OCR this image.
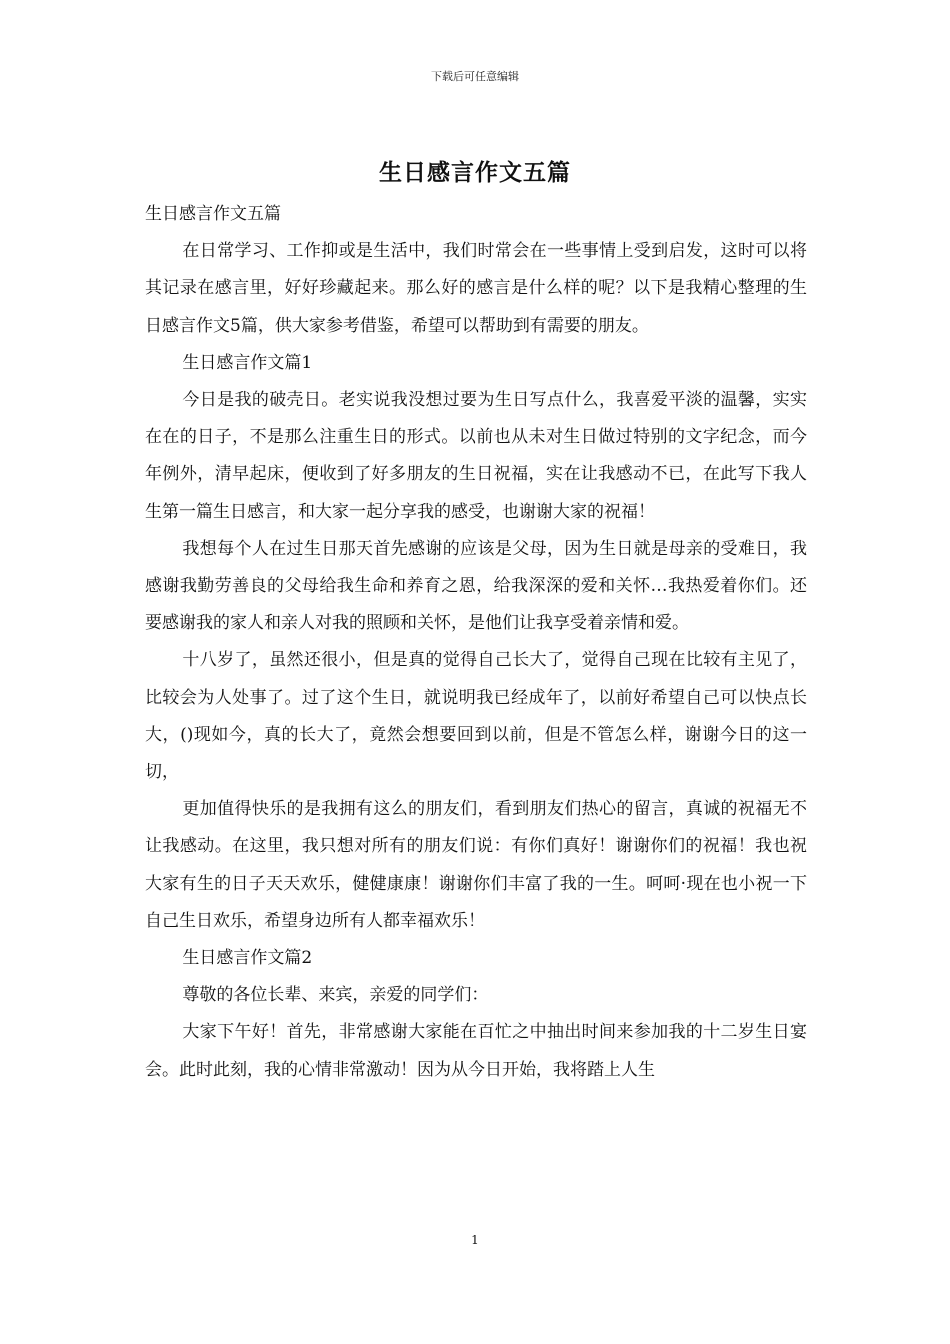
下载后可任意编辑
生日感言作文五篇

生日感言作文五篇

在日常学习、工作抑或是生活中，我们时常会在一些事情上受到启发，这时可以将其记录在感言里，好好珍藏起来。那么好的感言是什么样的呢？以下是我精心整理的生日感言作文5篇，供大家参考借鉴，希望可以帮助到有需要的朋友。

生日感言作文篇1

今日是我的破壳日。老实说我没想过要为生日写点什么，我喜爱平淡的温馨，实实在在的日子，不是那么注重生日的形式。以前也从未对生日做过特别的文字纪念，而今年例外，清早起床，便收到了好多朋友的生日祝福，实在让我感动不已，在此写下我人生第一篇生日感言，和大家一起分享我的感受，也谢谢大家的祝福！

我想每个人在过生日那天首先感谢的应该是父母，因为生日就是母亲的受难日，我感谢我勤劳善良的父母给我生命和养育之恩，给我深深的爱和关怀…我热爱着你们。还要感谢我的家人和亲人对我的照顾和关怀，是他们让我享受着亲情和爱。

十八岁了，虽然还很小，但是真的觉得自己长大了，觉得自己现在比较有主见了，比较会为人处事了。过了这个生日，就说明我已经成年了，以前好希望自己可以快点长大，()现如今，真的长大了，竟然会想要回到以前，但是不管怎么样，谢谢今日的这一切，

更加值得快乐的是我拥有这么的朋友们，看到朋友们热心的留言，真诚的祝福无不让我感动。在这里，我只想对所有的朋友们说：有你们真好！谢谢你们的祝福！我也祝大家有生的日子天天欢乐，健健康康！谢谢你们丰富了我的一生。呵呵·现在也小祝一下自己生日欢乐，希望身边所有人都幸福欢乐！

生日感言作文篇2

尊敬的各位长辈、来宾，亲爱的同学们：

大家下午好！首先，非常感谢大家能在百忙之中抽出时间来参加我的十二岁生日宴会。此时此刻，我的心情非常激动！因为从今日开始，我将踏上人生

1
